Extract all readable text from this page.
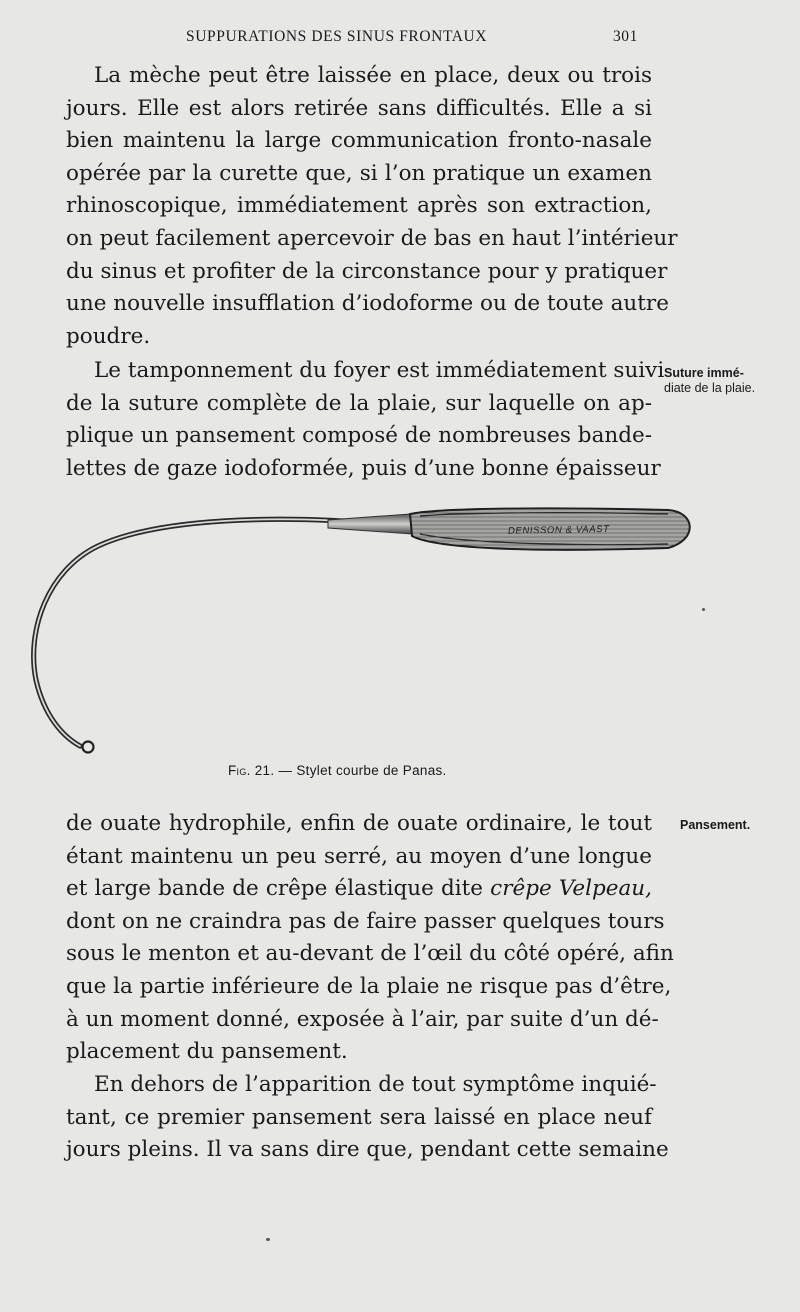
SUPPURATIONS DES SINUS FRONTAUX	301
La mèche peut être laissée en place, deux ou trois
jours. Elle est alors retirée sans difficultés. Elle a si
bien maintenu la large communication fronto-nasale
opérée par la curette que, si l’on pratique un examen
rhinoscopique, immédiatement après son extraction,
on peut facilement apercevoir de bas en haut l’intérieur
du sinus et profiter de la circonstance pour y pratiquer
une nouvelle insufflation d’iodoforme ou de toute autre
poudre.
Le tamponnement du foyer est immédiatement suivi
de la suture complète de la plaie, sur laquelle on ap-
plique un pansement composé de nombreuses bande-
lettes de gaze iodoformée, puis d’une bonne épaisseur
Suture immé-
diate de la plaie.
DENISSON & VAAST
Fig. 21. — Stylet courbe de Panas.
de ouate hydrophile, enfin de ouate ordinaire, le tout
étant maintenu un peu serré, au moyen d’une longue
et large bande de crêpe élastique dite crêpe Velpeau,
dont on ne craindra pas de faire passer quelques tours
sous le menton et au-devant de l’œil du côté opéré, afin
que la partie inférieure de la plaie ne risque pas d’être,
à un moment donné, exposée à l’air, par suite d’un dé-
placement du pansement.
Pansement.
En dehors de l’apparition de tout symptôme inquié-
tant, ce premier pansement sera laissé en place neuf
jours pleins. Il va sans dire que, pendant cette semaine
